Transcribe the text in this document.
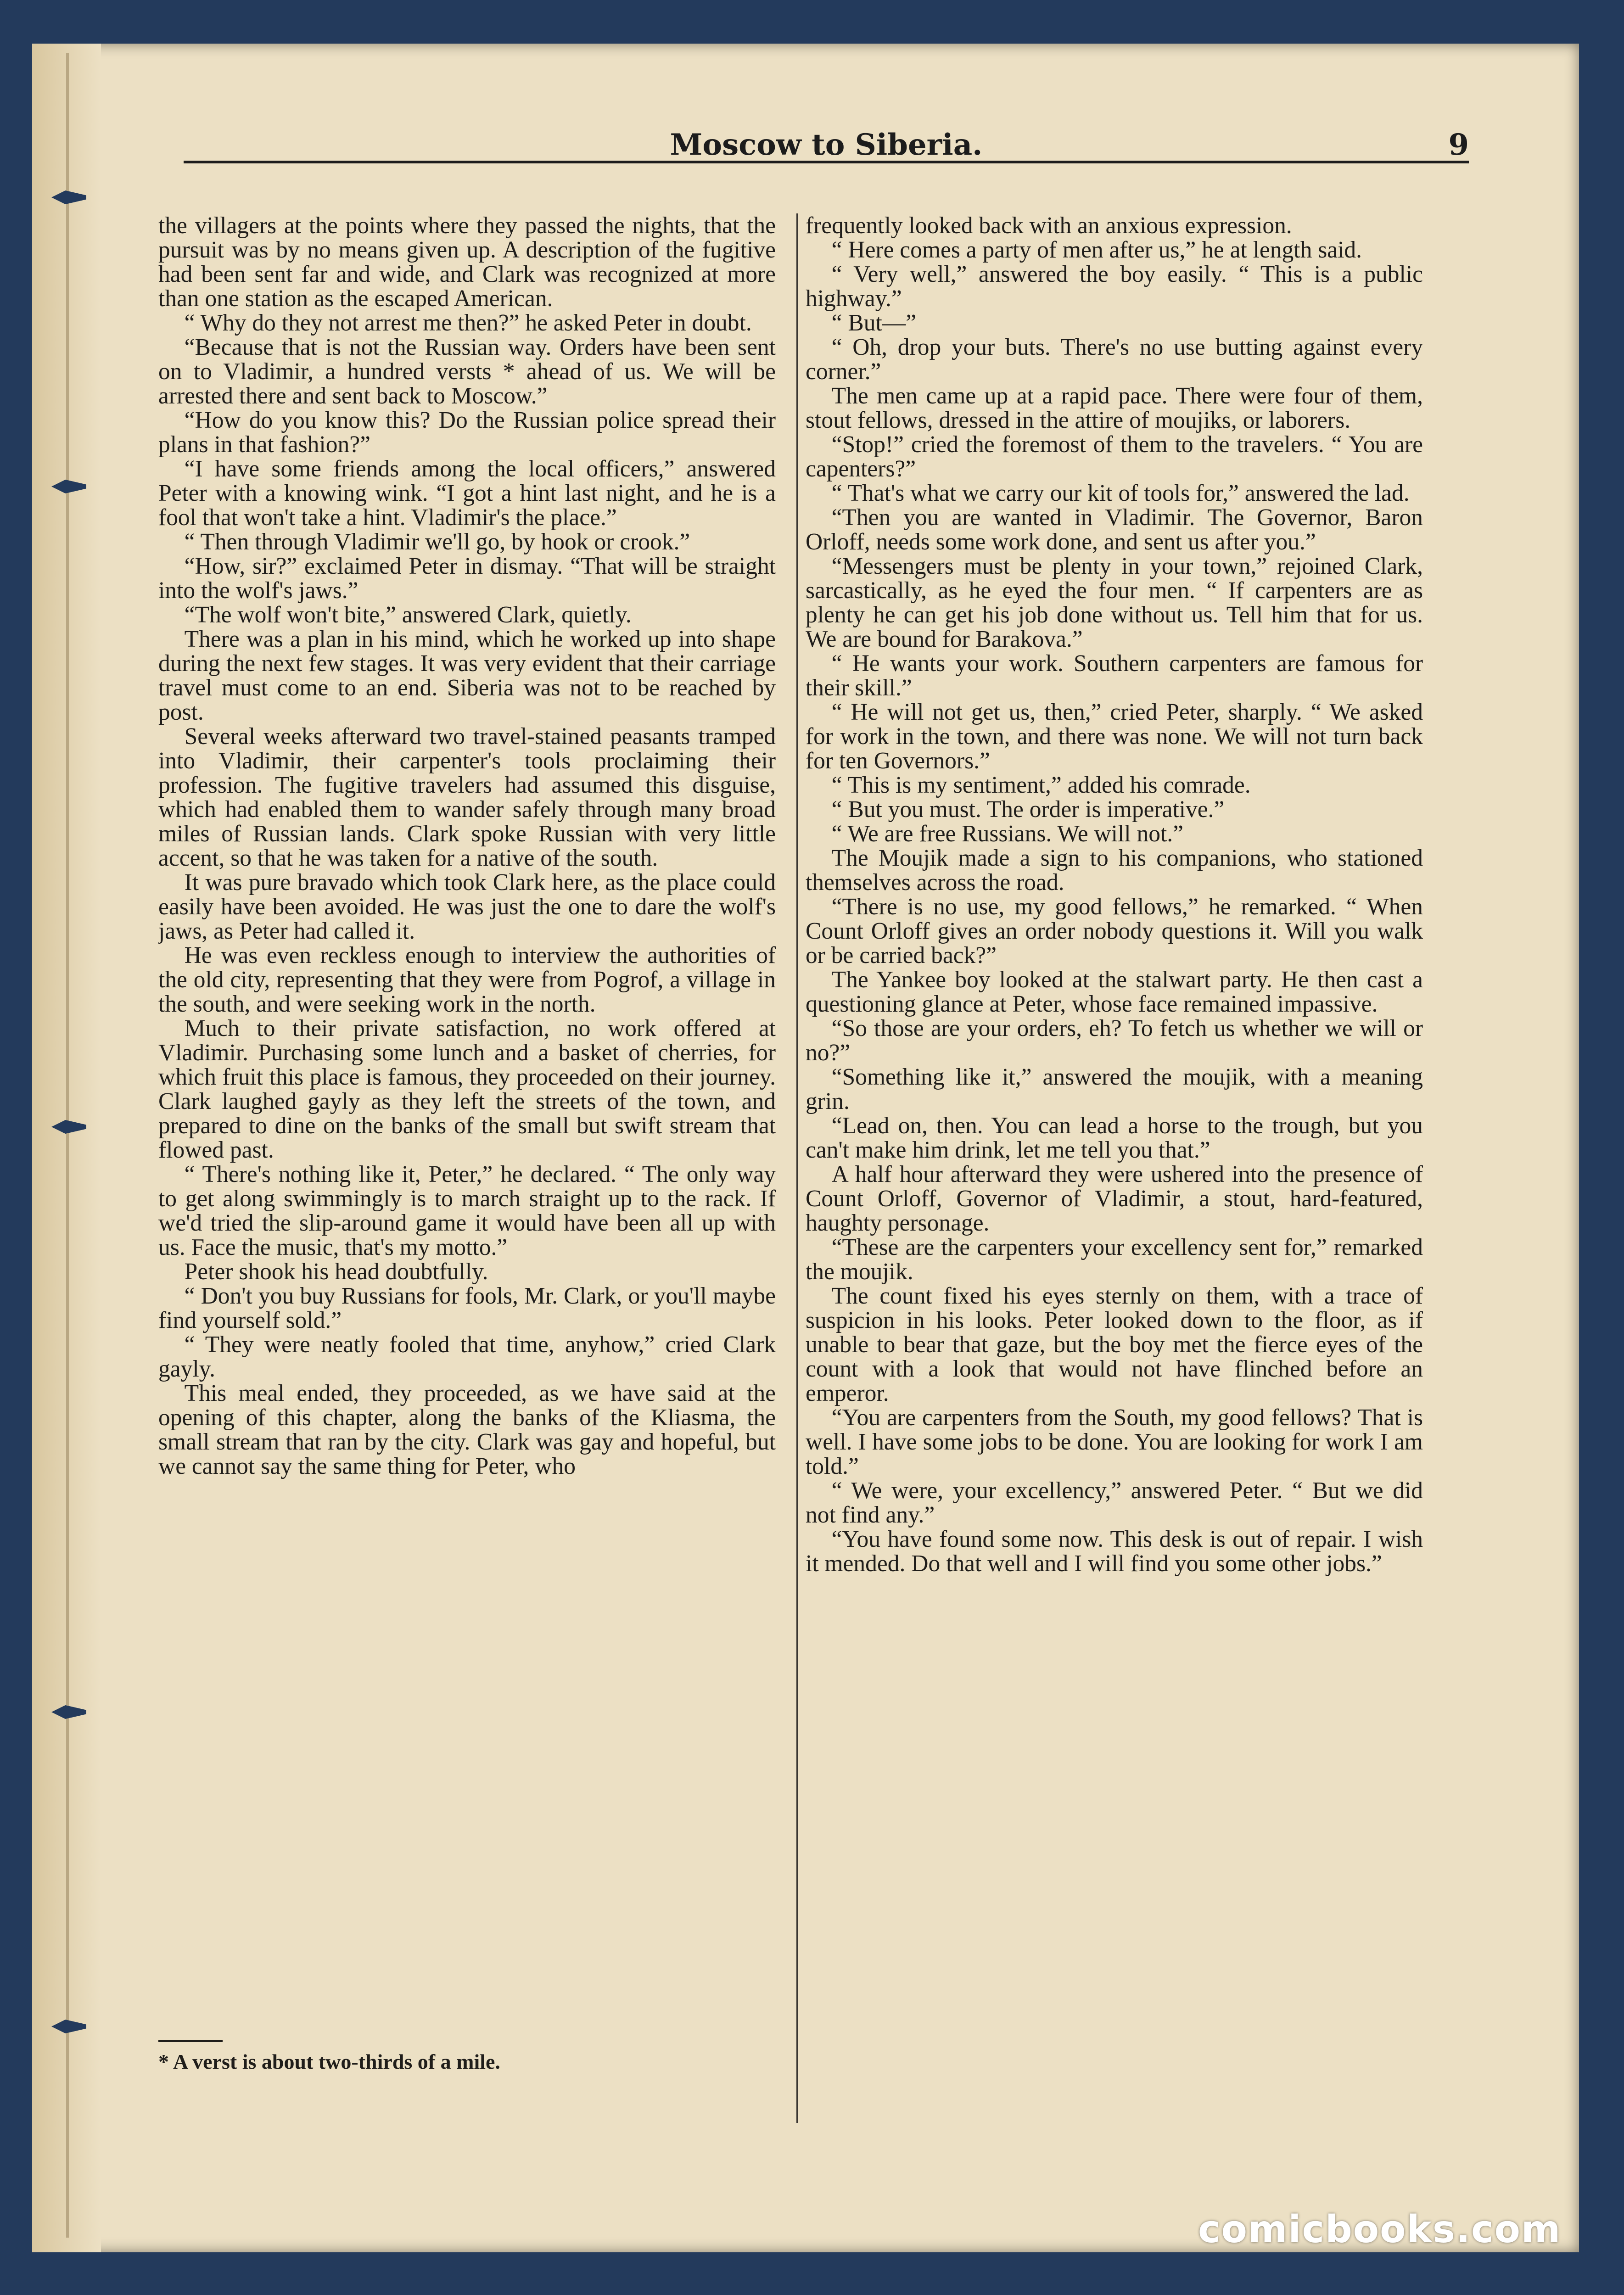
Moscow to Siberia.	9

the villagers at the points where they passed the nights, that the pursuit was by no means given up. A description of the fugitive had been sent far and wide, and Clark was recognized at more than one station as the escaped American.

“ Why do they not arrest me then?” he asked Peter in doubt.

“Because that is not the Russian way. Orders have been sent on to Vladimir, a hundred versts * ahead of us. We will be arrested there and sent back to Moscow.”

“How do you know this? Do the Russian police spread their plans in that fashion?”

“I have some friends among the local officers,” answered Peter with a knowing wink. “I got a hint last night, and he is a fool that won't take a hint. Vladimir's the place.”

“ Then through Vladimir we'll go, by hook or crook.”

“How, sir?” exclaimed Peter in dismay. “That will be straight into the wolf's jaws.”

“The wolf won't bite,” answered Clark, quietly.

There was a plan in his mind, which he worked up into shape during the next few stages. It was very evident that their carriage travel must come to an end. Siberia was not to be reached by post.

Several weeks afterward two travel-stained peasants tramped into Vladimir, their carpenter's tools proclaiming their profession. The fugitive travelers had assumed this disguise, which had enabled them to wander safely through many broad miles of Russian lands. Clark spoke Russian with very little accent, so that he was taken for a native of the south.

It was pure bravado which took Clark here, as the place could easily have been avoided. He was just the one to dare the wolf's jaws, as Peter had called it.

He was even reckless enough to interview the authorities of the old city, representing that they were from Pogrof, a village in the south, and were seeking work in the north.

Much to their private satisfaction, no work offered at Vladimir. Purchasing some lunch and a basket of cherries, for which fruit this place is famous, they proceeded on their journey. Clark laughed gayly as they left the streets of the town, and prepared to dine on the banks of the small but swift stream that flowed past.

“ There's nothing like it, Peter,” he declared. “ The only way to get along swimmingly is to march straight up to the rack. If we'd tried the slip-around game it would have been all up with us. Face the music, that's my motto.”

Peter shook his head doubtfully.

“ Don't you buy Russians for fools, Mr. Clark, or you'll maybe find yourself sold.”

“ They were neatly fooled that time, anyhow,” cried Clark gayly.

This meal ended, they proceeded, as we have said at the opening of this chapter, along the banks of the Kliasma, the small stream that ran by the city. Clark was gay and hopeful, but we cannot say the same thing for Peter, who

* A verst is about two-thirds of a mile.

frequently looked back with an anxious expression.

“ Here comes a party of men after us,” he at length said.

“ Very well,” answered the boy easily. “ This is a public highway.”

“ But—”

“ Oh, drop your buts. There's no use butting against every corner.”

The men came up at a rapid pace. There were four of them, stout fellows, dressed in the attire of moujiks, or laborers.

“Stop!” cried the foremost of them to the travelers. “ You are capenters?”

“ That's what we carry our kit of tools for,” answered the lad.

“Then you are wanted in Vladimir. The Governor, Baron Orloff, needs some work done, and sent us after you.”

“Messengers must be plenty in your town,” rejoined Clark, sarcastically, as he eyed the four men. “ If carpenters are as plenty he can get his job done without us. Tell him that for us. We are bound for Barakova.”

“ He wants your work. Southern carpenters are famous for their skill.”

“ He will not get us, then,” cried Peter, sharply. “ We asked for work in the town, and there was none. We will not turn back for ten Governors.”

“ This is my sentiment,” added his comrade.

“ But you must. The order is imperative.”

“ We are free Russians. We will not.”

The Moujik made a sign to his companions, who stationed themselves across the road.

“There is no use, my good fellows,” he remarked. “ When Count Orloff gives an order nobody questions it. Will you walk or be carried back?”

The Yankee boy looked at the stalwart party. He then cast a questioning glance at Peter, whose face remained impassive.

“So those are your orders, eh? To fetch us whether we will or no?”

“Something like it,” answered the moujik, with a meaning grin.

“Lead on, then. You can lead a horse to the trough, but you can't make him drink, let me tell you that.”

A half hour afterward they were ushered into the presence of Count Orloff, Governor of Vladimir, a stout, hard-featured, haughty personage.

“These are the carpenters your excellency sent for,” remarked the moujik.

The count fixed his eyes sternly on them, with a trace of suspicion in his looks. Peter looked down to the floor, as if unable to bear that gaze, but the boy met the fierce eyes of the count with a look that would not have flinched before an emperor.

“You are carpenters from the South, my good fellows? That is well. I have some jobs to be done. You are looking for work I am told.”

“ We were, your excellency,” answered Peter. “ But we did not find any.”

“You have found some now. This desk is out of repair. I wish it mended. Do that well and I will find you some other jobs.”

comicbooks.com
